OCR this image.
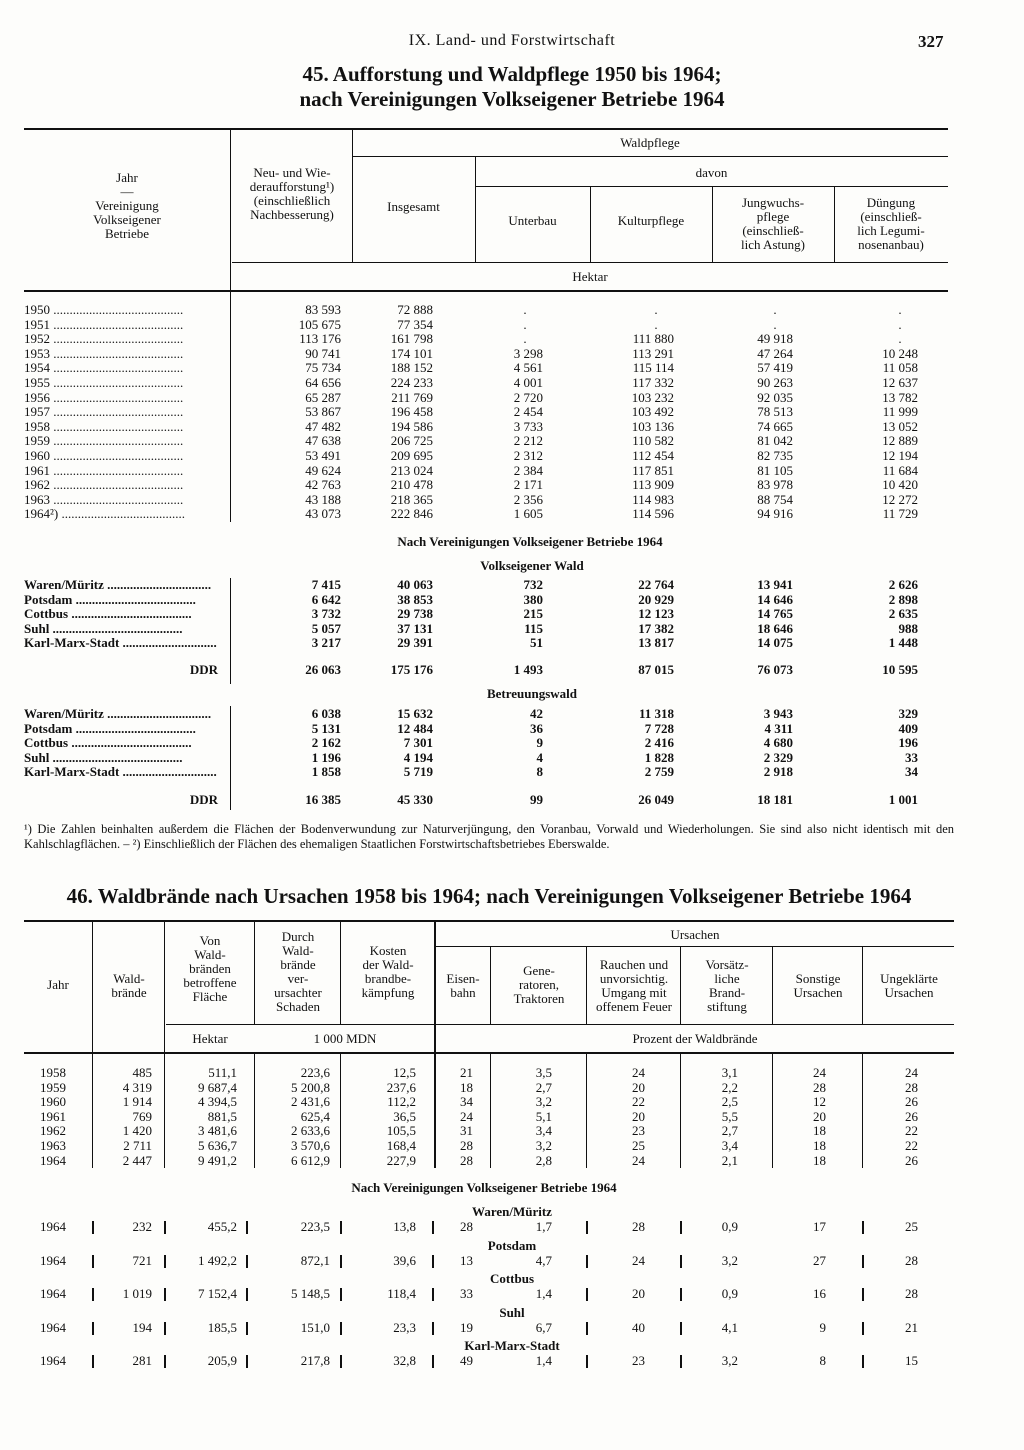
IX. Land- und Forstwirtschaft	327
45. Aufforstung und Waldpflege 1950 bis 1964;
nach Vereinigungen Volkseigener Betriebe 1964
Jahr
—
Vereinigung
Volkseigener
Betriebe
Neu- und Wie-
deraufforstung¹)
(einschließlich
Nachbesserung)
Waldpflege
Insgesamt
davon
Unterbau	Kulturpflege
Jungwuchs-
pflege
(einschließ-
lich Astung)
Düngung
(einschließ-
lich Legumi-
nosenanbau)
Hektar
Nach Vereinigungen Volkseigener Betriebe 1964
Volkseigener Wald
Betreuungswald
1950 ........................................	83 593	72 888	.	.	.	.
1951 ........................................	105 675	77 354	.	.	.	.
1952 ........................................	113 176	161 798	.	111 880	49 918	.
1953 ........................................	90 741	174 101	3 298	113 291	47 264	10 248
1954 ........................................	75 734	188 152	4 561	115 114	57 419	11 058
1955 ........................................	64 656	224 233	4 001	117 332	90 263	12 637
1956 ........................................	65 287	211 769	2 720	103 232	92 035	13 782
1957 ........................................	53 867	196 458	2 454	103 492	78 513	11 999
1958 ........................................	47 482	194 586	3 733	103 136	74 665	13 052
1959 ........................................	47 638	206 725	2 212	110 582	81 042	12 889
1960 ........................................	53 491	209 695	2 312	112 454	82 735	12 194
1961 ........................................	49 624	213 024	2 384	117 851	81 105	11 684
1962 ........................................	42 763	210 478	2 171	113 909	83 978	10 420
1963 ........................................	43 188	218 365	2 356	114 983	88 754	12 272
1964²) ......................................	43 073	222 846	1 605	114 596	94 916	11 729
Waren/Müritz ................................	7 415	40 063	732	22 764	13 941	2 626
Potsdam .....................................	6 642	38 853	380	20 929	14 646	2 898
Cottbus .....................................	3 732	29 738	215	12 123	14 765	2 635
Suhl ........................................	5 057	37 131	115	17 382	18 646	988
Karl-Marx-Stadt .............................	3 217	29 391	51	13 817	14 075	1 448
DDR	26 063	175 176	1 493	87 015	76 073	10 595
Waren/Müritz ................................	6 038	15 632	42	11 318	3 943	329
Potsdam .....................................	5 131	12 484	36	7 728	4 311	409
Cottbus .....................................	2 162	7 301	9	2 416	4 680	196
Suhl ........................................	1 196	4 194	4	1 828	2 329	33
Karl-Marx-Stadt .............................	1 858	5 719	8	2 759	2 918	34
DDR	16 385	45 330	99	26 049	18 181	1 001
¹) Die Zahlen beinhalten außerdem die Flächen der Bodenverwundung zur Naturverjüngung, den Voranbau, Vorwald und Wiederholungen. Sie sind also nicht identisch mit den Kahlschlagflächen. – ²) Einschließlich der Flächen des ehemaligen Staatlichen Forstwirtschaftsbetriebes Eberswalde.
46. Waldbrände nach Ursachen 1958 bis 1964; nach Vereinigungen Volkseigener Betriebe 1964
Jahr	Wald-
brände
Von
Wald-
bränden
betroffene
Fläche
Durch
Wald-
brände
ver-
ursachter
Schaden
Kosten
der Wald-
brandbe-
kämpfung
Ursachen
Eisen-
bahn
Gene-
ratoren,
Traktoren
Rauchen und
unvorsichtig.
Umgang mit
offenem Feuer
Vorsätz-
liche
Brand-
stiftung
Sonstige
Ursachen
Ungeklärte
Ursachen
Hektar	1 000 MDN	Prozent der Waldbrände
Nach Vereinigungen Volkseigener Betriebe 1964
1958	485	511,1	223,6	12,5	21	3,5	24	3,1	24	24
1959	4 319	9 687,4	5 200,8	237,6	18	2,7	20	2,2	28	28
1960	1 914	4 394,5	2 431,6	112,2	34	3,2	22	2,5	12	26
1961	769	881,5	625,4	36,5	24	5,1	20	5,5	20	26
1962	1 420	3 481,6	2 633,6	105,5	31	3,4	23	2,7	18	22
1963	2 711	5 636,7	3 570,6	168,4	28	3,2	25	3,4	18	22
1964	2 447	9 491,2	6 612,9	227,9	28	2,8	24	2,1	18	26
Waren/Müritz
1964	232	455,2	223,5	13,8	28	1,7	28	0,9	17	25
Potsdam
1964	721	1 492,2	872,1	39,6	13	4,7	24	3,2	27	28
Cottbus
1964	1 019	7 152,4	5 148,5	118,4	33	1,4	20	0,9	16	28
Suhl
1964	194	185,5	151,0	23,3	19	6,7	40	4,1	9	21
Karl-Marx-Stadt
1964	281	205,9	217,8	32,8	49	1,4	23	3,2	8	15
